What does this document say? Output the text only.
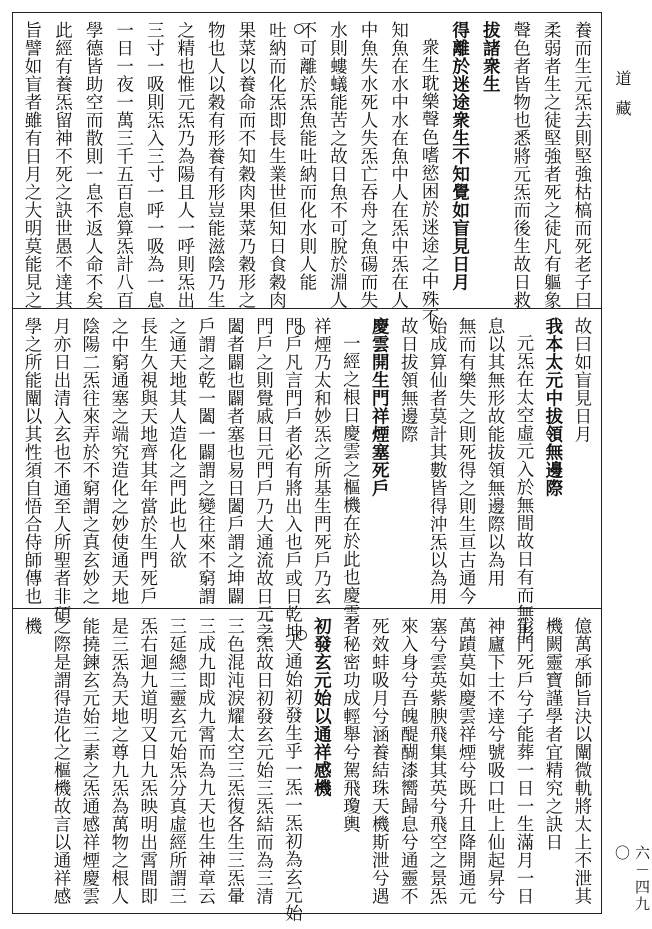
養而生元炁去則堅強枯槁而死老子曰
柔弱者生之徒堅強者死之徒凡有軀象
聲色者皆物也悉將元炁而後生故日救
拔諸衆生
得離於迷途衆生不知覺如盲見日月
衆生耽樂聲色嗜慾困於迷途之中殊不
知魚在水中水在魚中人在炁中炁在人
中魚失水死人失炁亡吞舟之魚碭而失
水則螻蟻能苦之故日魚不可脫於淵人
不可離於炁魚能吐納而化水則人能
吐納而化炁即長生業世但知日食穀肉
果菜以養命而不知穀肉果菜乃穀形之
物也人以穀有形養有形豈能滋陰乃生
之精也惟元炁乃為陽且人一呼則炁出
三寸一吸則炁入三寸一呼一吸為一息
一日一夜一萬三千五百息算炁計八百
學德皆助空而散則一息不返人命不矣
此經有養炁留神不死之訣世愚不達其
旨譬如盲者雖有日月之大明莫能見之
故曰如盲見日月
我本太元中拔領無邊際
元炁在太空虛元入於無間故日有而無形
息以其無形故能拔領無邊際以為用
無而有樂失之則死得之則生亘古通今
始成算仙者莫計其數皆得沖炁以為用
故日拔領無邊際
慶雲開生門祥煙塞死戶
一經之根日慶雲之樞機在於此也慶雲
祥煙乃太和妙炁之所基生門死戶乃玄
門戶凡言門戶者必有將出入也戶或日乾坤
門戶之則覺戚日元門戶乃大通流故日元之
闔者闢也闢者塞也易日闔戶謂之坤闢
戶謂之乾一闔一闢謂之變往來不窮謂
之通天地其人造化之門此也人欲
長生久視與天地齊其年當於生門死戶
之中窮通塞之端究造化之妙使通天地
陰陽二炁往來弄於不窮謂之真玄妙之
月亦日出清入玄也不通至人所聖者非碩
學之所能闡以其性須自悟合侍師傳也
億萬承師旨決以闡微軌將太上不泄其
機闕靈寶謹學者宜精究之訣日
生門死戶兮子能葬一日一生滿月一日
神廬下士不達兮號吸口吐上仙起昇兮
萬蹟莫如慶雲祥煙兮既升且降開通元
塞兮雲英紫腴飛集其英兮飛空之景炁
來入身兮吾魄醍醐漆嚮歸息兮通靈不
死效蚌吸月兮涵養結珠天機斯泄兮遇
者秘密功成輕舉兮駕飛瓊輿
初發玄元始以通祥感機
大通始初發生乎一炁一炁初為玄元始
三炁故日初發玄元始三炁結而為三清
三色混沌淚耀太空三炁復各生三炁暈
三成九即成九霄而為九天也生神章云
三延總三靈玄元始炁分真虛經所謂三
炁右迴九道明又日九炁映明出霄間即
是三炁為天地之尊九炁為萬物之根人
能撓鍊玄元始三素之炁通感祥煙慶雲
之際是謂得造化之樞機故言以通祥感
機
道藏
六－四九〇
